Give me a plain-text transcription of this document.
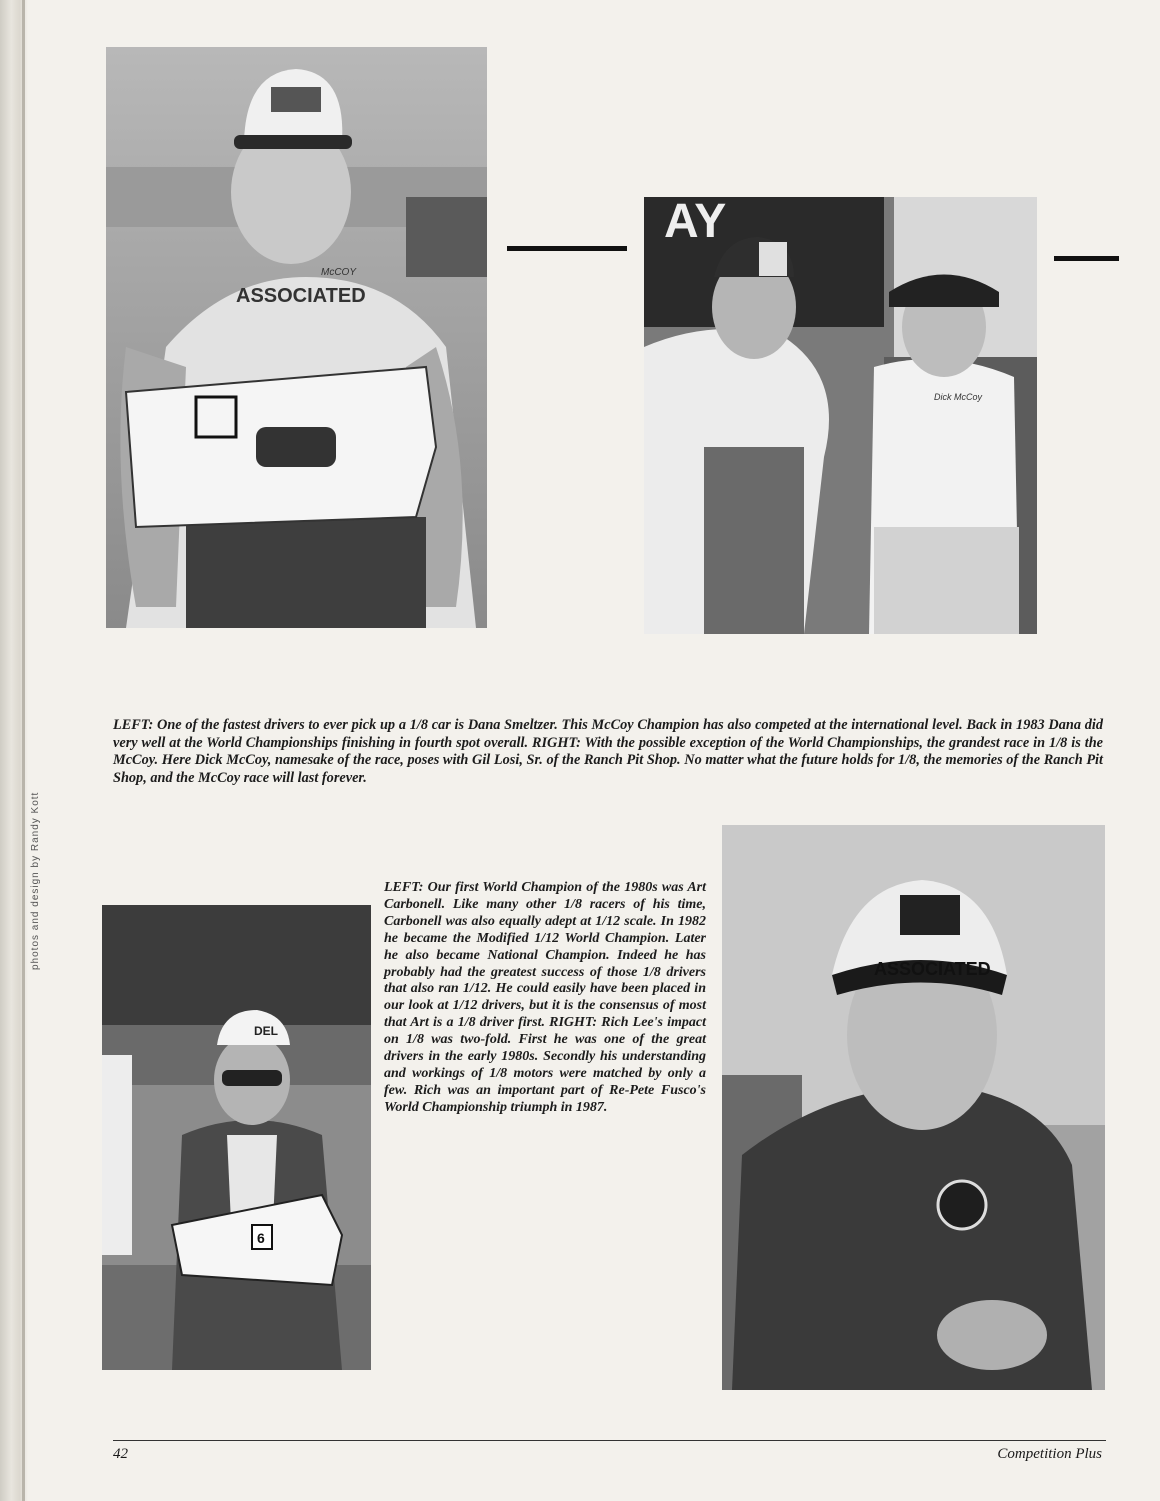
photos and design by Randy Kott
ASSOCIATED
McCOY
AY
Dick McCoy
LEFT: One of the fastest drivers to ever pick up a 1/8 car is Dana Smeltzer. This McCoy Champion has also competed at the international level. Back in 1983 Dana did very well at the World Championships finishing in fourth spot overall. RIGHT: With the possible exception of the World Championships, the grandest race in 1/8 is the McCoy. Here Dick McCoy, namesake of the race, poses with Gil Losi, Sr. of the Ranch Pit Shop. No matter what the future holds for 1/8, the memories of the Ranch Pit Shop, and the McCoy race will last forever.
DEL
6
LEFT: Our first World Champion of the 1980s was Art Carbonell. Like many other 1/8 racers of his time, Carbonell was also equally adept at 1/12 scale. In 1982 he became the Modified 1/12 World Champion. Later he also became National Champion. Indeed he has probably had the greatest success of those 1/8 drivers that also ran 1/12. He could easily have been placed in our look at 1/12 drivers, but it is the consensus of most that Art is a 1/8 driver first. RIGHT: Rich Lee's impact on 1/8 was two-fold. First he was one of the great drivers in the early 1980s. Secondly his understanding and workings of 1/8 motors were matched by only a few. Rich was an important part of Re-Pete Fusco's World Championship triumph in 1987.
ASSOCIATED
42	Competition Plus
